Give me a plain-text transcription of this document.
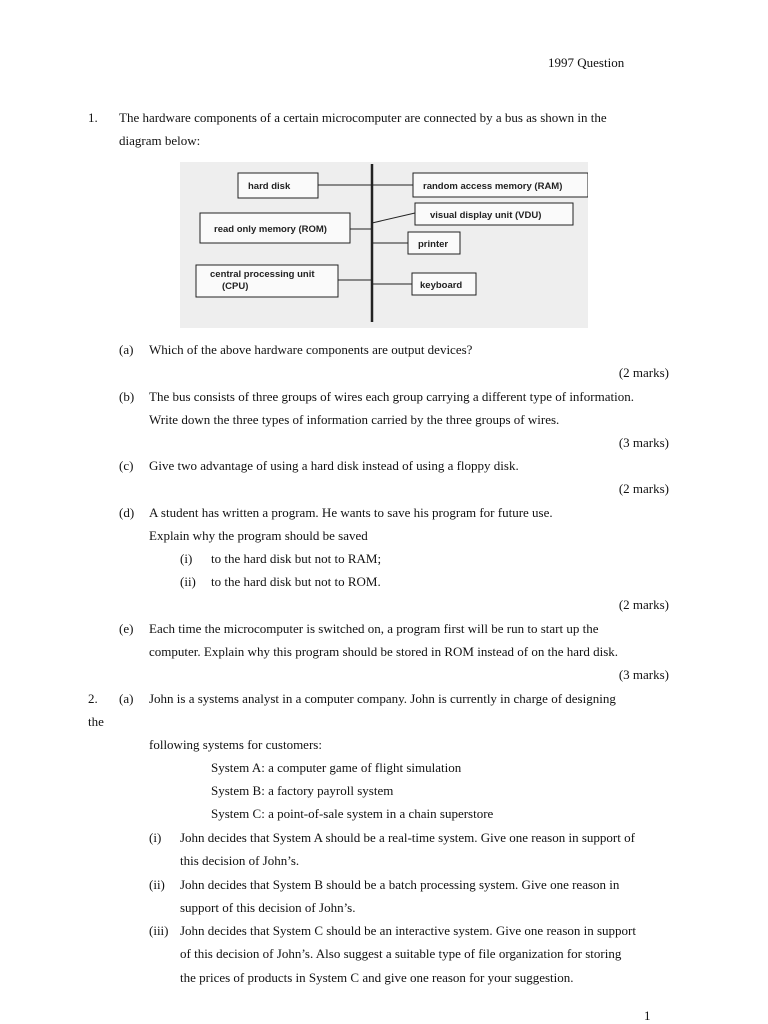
1997 Question
1. The hardware components of a certain microcomputer are connected by a bus as shown in the
diagram below:
hard disk
read only memory (ROM)
central processing unit
(CPU)
random access memory (RAM)
visual display unit (VDU)
printer
keyboard
(a) Which of the above hardware components are output devices?
(2 marks)
(b) The bus consists of three groups of wires each group carrying a different type of information.
Write down the three types of information carried by the three groups of wires.
(3 marks)
(c) Give two advantage of using a hard disk instead of using a floppy disk.
(2 marks)
(d) A student has written a program. He wants to save his program for future use.
Explain why the program should be saved
(i) to the hard disk but not to RAM;
(ii) to the hard disk but not to ROM.
(2 marks)
(e) Each time the microcomputer is switched on, a program first will be run to start up the
computer. Explain why this program should be stored in ROM instead of on the hard disk.
(3 marks)
2. (a) John is a systems analyst in a computer company. John is currently in charge of designing
the
following systems for customers:
System A: a computer game of flight simulation
System B: a factory payroll system
System C: a point-of-sale system in a chain superstore
(i) John decides that System A should be a real-time system. Give one reason in support of
this decision of John’s.
(ii) John decides that System B should be a batch processing system. Give one reason in
support of this decision of John’s.
(iii) John decides that System C should be an interactive system. Give one reason in support
of this decision of John’s. Also suggest a suitable type of file organization for storing
the prices of products in System C and give one reason for your suggestion.
1
